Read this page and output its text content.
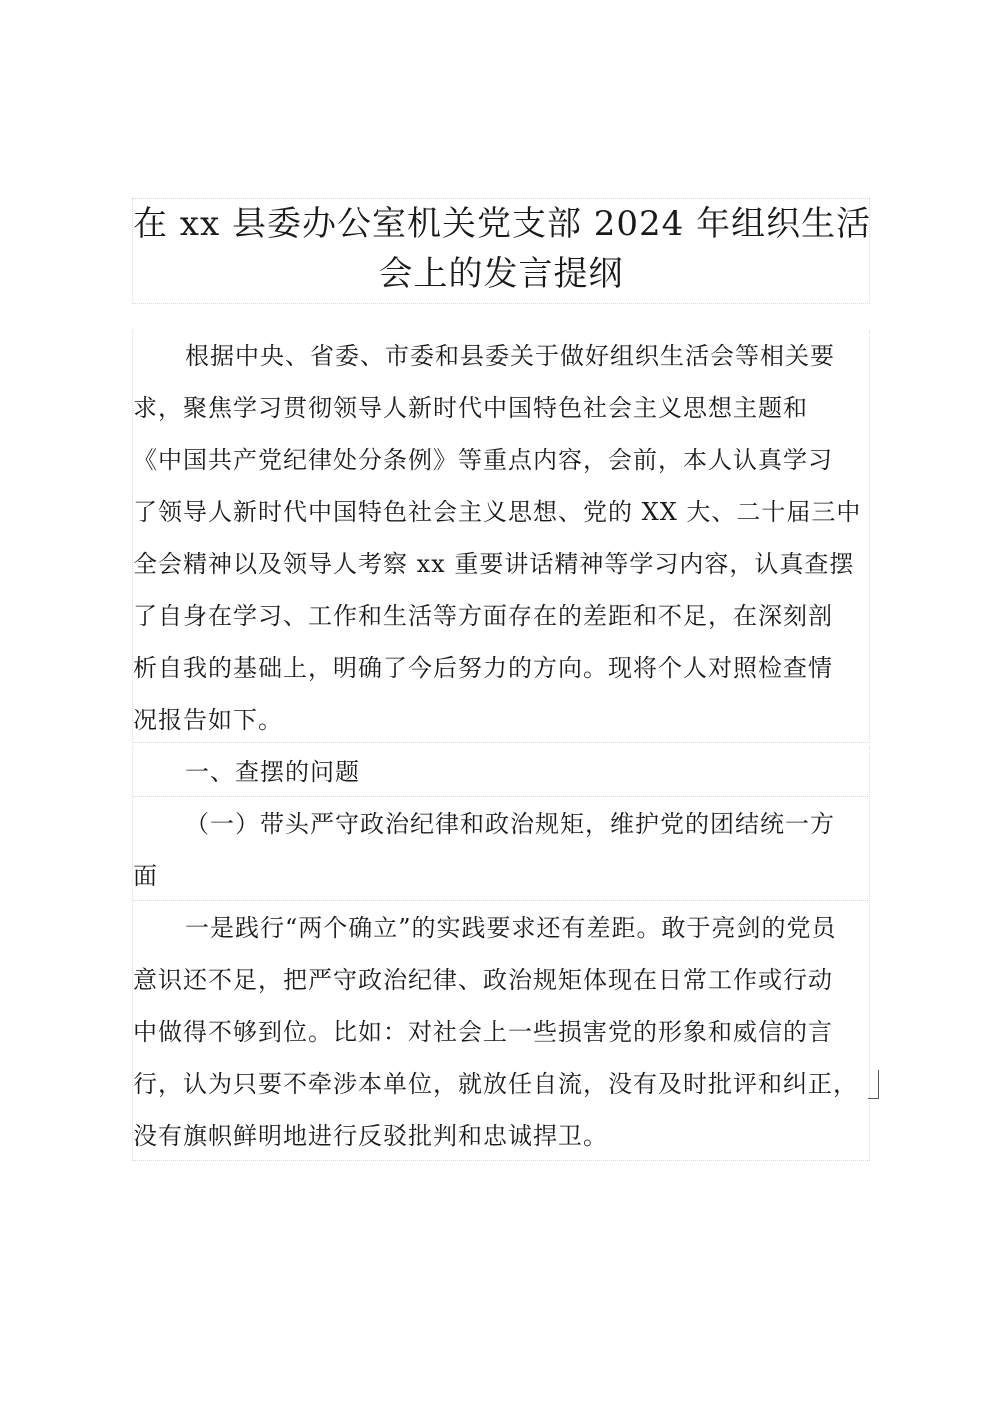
在 xx 县委办公室机关党支部 2024 年组织生活
会上的发言提纲

根据中央、省委、市委和县委关于做好组织生活会等相关要
求，聚焦学习贯彻领导人新时代中国特色社会主义思想主题和
《中国共产党纪律处分条例》等重点内容，会前，本人认真学习
了领导人新时代中国特色社会主义思想、党的 XX 大、二十届三中
全会精神以及领导人考察 xx 重要讲话精神等学习内容，认真查摆
了自身在学习、工作和生活等方面存在的差距和不足，在深刻剖
析自我的基础上，明确了今后努力的方向。现将个人对照检查情
况报告如下。

一、查摆的问题

（一）带头严守政治纪律和政治规矩，维护党的团结统一方
面

一是践行“两个确立”的实践要求还有差距。敢于亮剑的党员
意识还不足，把严守政治纪律、政治规矩体现在日常工作或行动
中做得不够到位。比如：对社会上一些损害党的形象和威信的言
行，认为只要不牵涉本单位，就放任自流，没有及时批评和纠正，
没有旗帜鲜明地进行反驳批判和忠诚捍卫。
